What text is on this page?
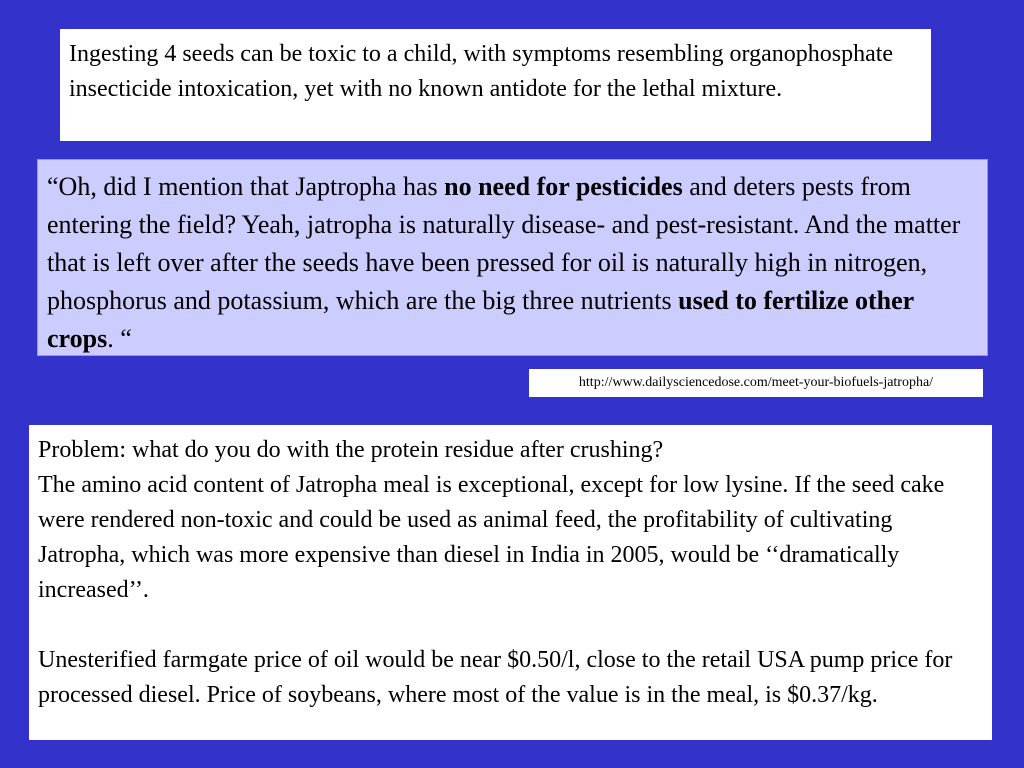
Ingesting 4 seeds can be toxic to a child, with symptoms resembling organophosphate insecticide intoxication, yet with no known antidote for the lethal mixture.

“Oh, did I mention that Japtropha has no need for pesticides and deters pests from entering the field? Yeah, jatropha is naturally disease- and pest-resistant. And the matter that is left over after the seeds have been pressed for oil is naturally high in nitrogen, phosphorus and potassium, which are the big three nutrients used to fertilize other crops. “

http://www.dailysciencedose.com/meet-your-biofuels-jatropha/

Problem: what do you do with the protein residue after crushing?

The amino acid content of Jatropha meal is exceptional, except for low lysine. If the seed cake were rendered non-toxic and could be used as animal feed, the profitability of cultivating Jatropha, which was more expensive than diesel in India in 2005, would be ‘‘dramatically increased’’.

Unesterified farmgate price of oil would be near $0.50/l, close to the retail USA pump price for processed diesel. Price of soybeans, where most of the value is in the meal, is $0.37/kg.
